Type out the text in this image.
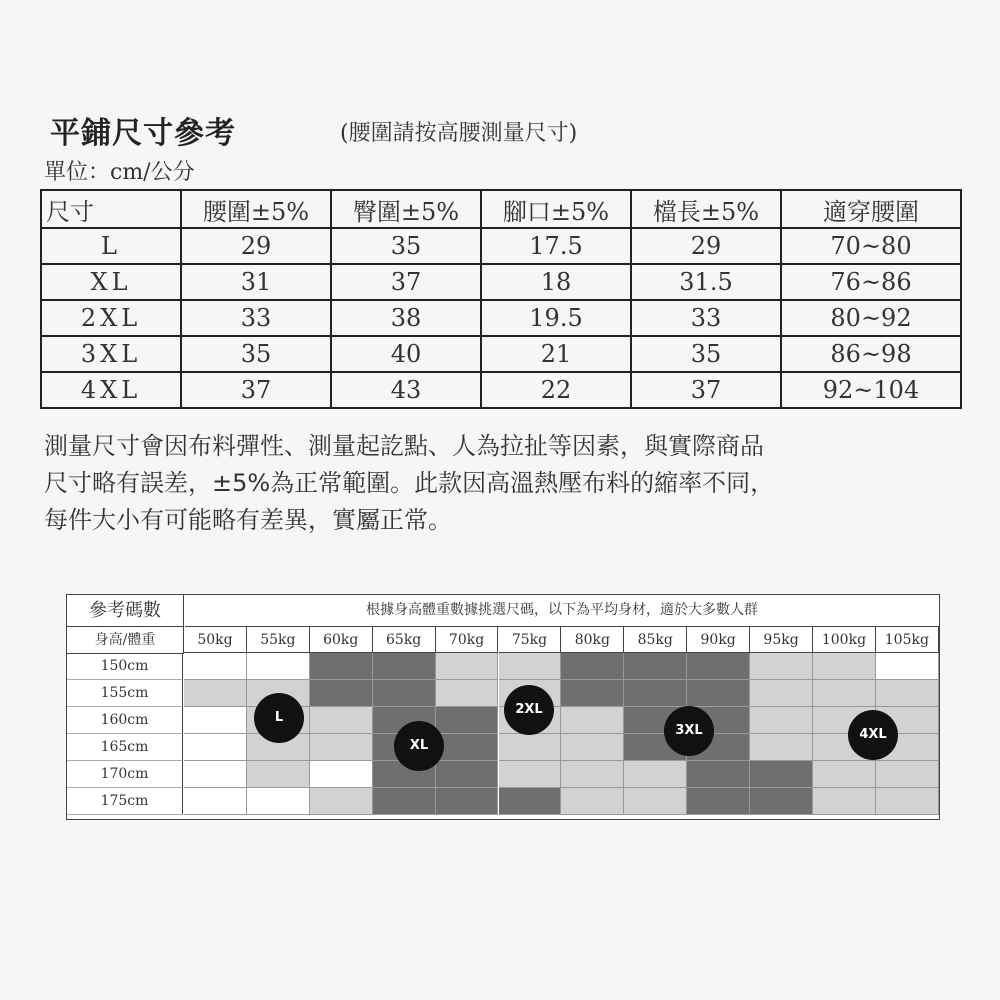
平鋪尺寸參考	(腰圍請按高腰測量尺寸)
單位：cm/公分
尺寸	腰圍±5%	臀圍±5%	腳口±5%	檔長±5%	適穿腰圍
L	29	35	17.5	29	70~80
XL	31	37	18	31.5	76~86
2XL	33	38	19.5	33	80~92
3XL	35	40	21	35	86~98
4XL	37	43	22	37	92~104
測量尺寸會因布料彈性、測量起訖點、人為拉扯等因素，與實際商品
尺寸略有誤差，±5%為正常範圍。此款因高溫熱壓布料的縮率不同，
每件大小有可能略有差異，實屬正常。
參考碼數	根據身高體重數據挑選尺碼，以下為平均身材，適於大多數人群
身高/體重	50kg	55kg	60kg	65kg	70kg	75kg	80kg	85kg	90kg	95kg	100kg	105kg
150cm
155cm
160cm
165cm
170cm
175cm
L
XL
2XL
3XL	4XL
